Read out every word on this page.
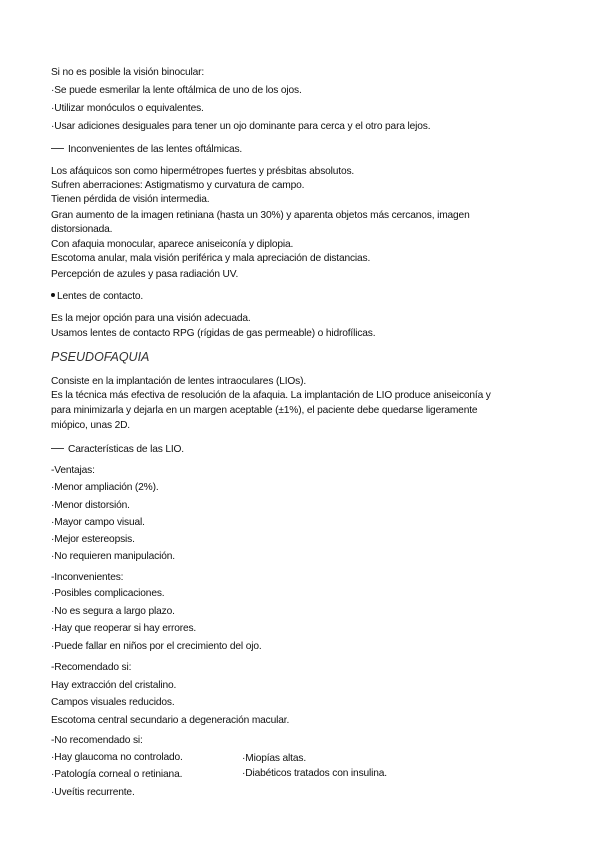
Si no es posible la visión binocular:
·Se puede esmerilar la lente oftálmica de uno de los ojos.
·Utilizar monóculos o equivalentes.
·Usar adiciones desiguales para tener un ojo dominante para cerca y el otro para lejos.
Inconvenientes de las lentes oftálmicas.
Los afáquicos son como hipermétropes fuertes y présbitas absolutos.
Sufren aberraciones: Astigmatismo y curvatura de campo.
Tienen pérdida de visión intermedia.
Gran aumento de la imagen retiniana (hasta un 30%) y aparenta objetos más cercanos, imagen
distorsionada.
Con afaquia monocular, aparece aniseiconía y diplopia.
Escotoma anular, mala visión periférica y mala apreciación de distancias.
Percepción de azules y pasa radiación UV.
Lentes de contacto.
Es la mejor opción para una visión adecuada.
Usamos lentes de contacto RPG (rígidas de gas permeable) o hidrofílicas.
PSEUDOFAQUIA
Consiste en la implantación de lentes intraoculares (LIOs).
Es la técnica más efectiva de resolución de la afaquia. La implantación de LIO produce aniseiconía y
para minimizarla y dejarla en un margen aceptable (±1%), el paciente debe quedarse ligeramente
miópico, unas 2D.
Características de las LIO.
-Ventajas:
·Menor ampliación (2%).
·Menor distorsión.
·Mayor campo visual.
·Mejor estereopsis.
·No requieren manipulación.
-Inconvenientes:
·Posibles complicaciones.
·No es segura a largo plazo.
·Hay que reoperar si hay errores.
·Puede fallar en niños por el crecimiento del ojo.
-Recomendado si:
Hay extracción del cristalino.
Campos visuales reducidos.
Escotoma central secundario a degeneración macular.
-No recomendado si:
·Hay glaucoma no controlado.
·Patología corneal o retiniana.
·Uveítis recurrente.
·Miopías altas.
·Diabéticos tratados con insulina.
